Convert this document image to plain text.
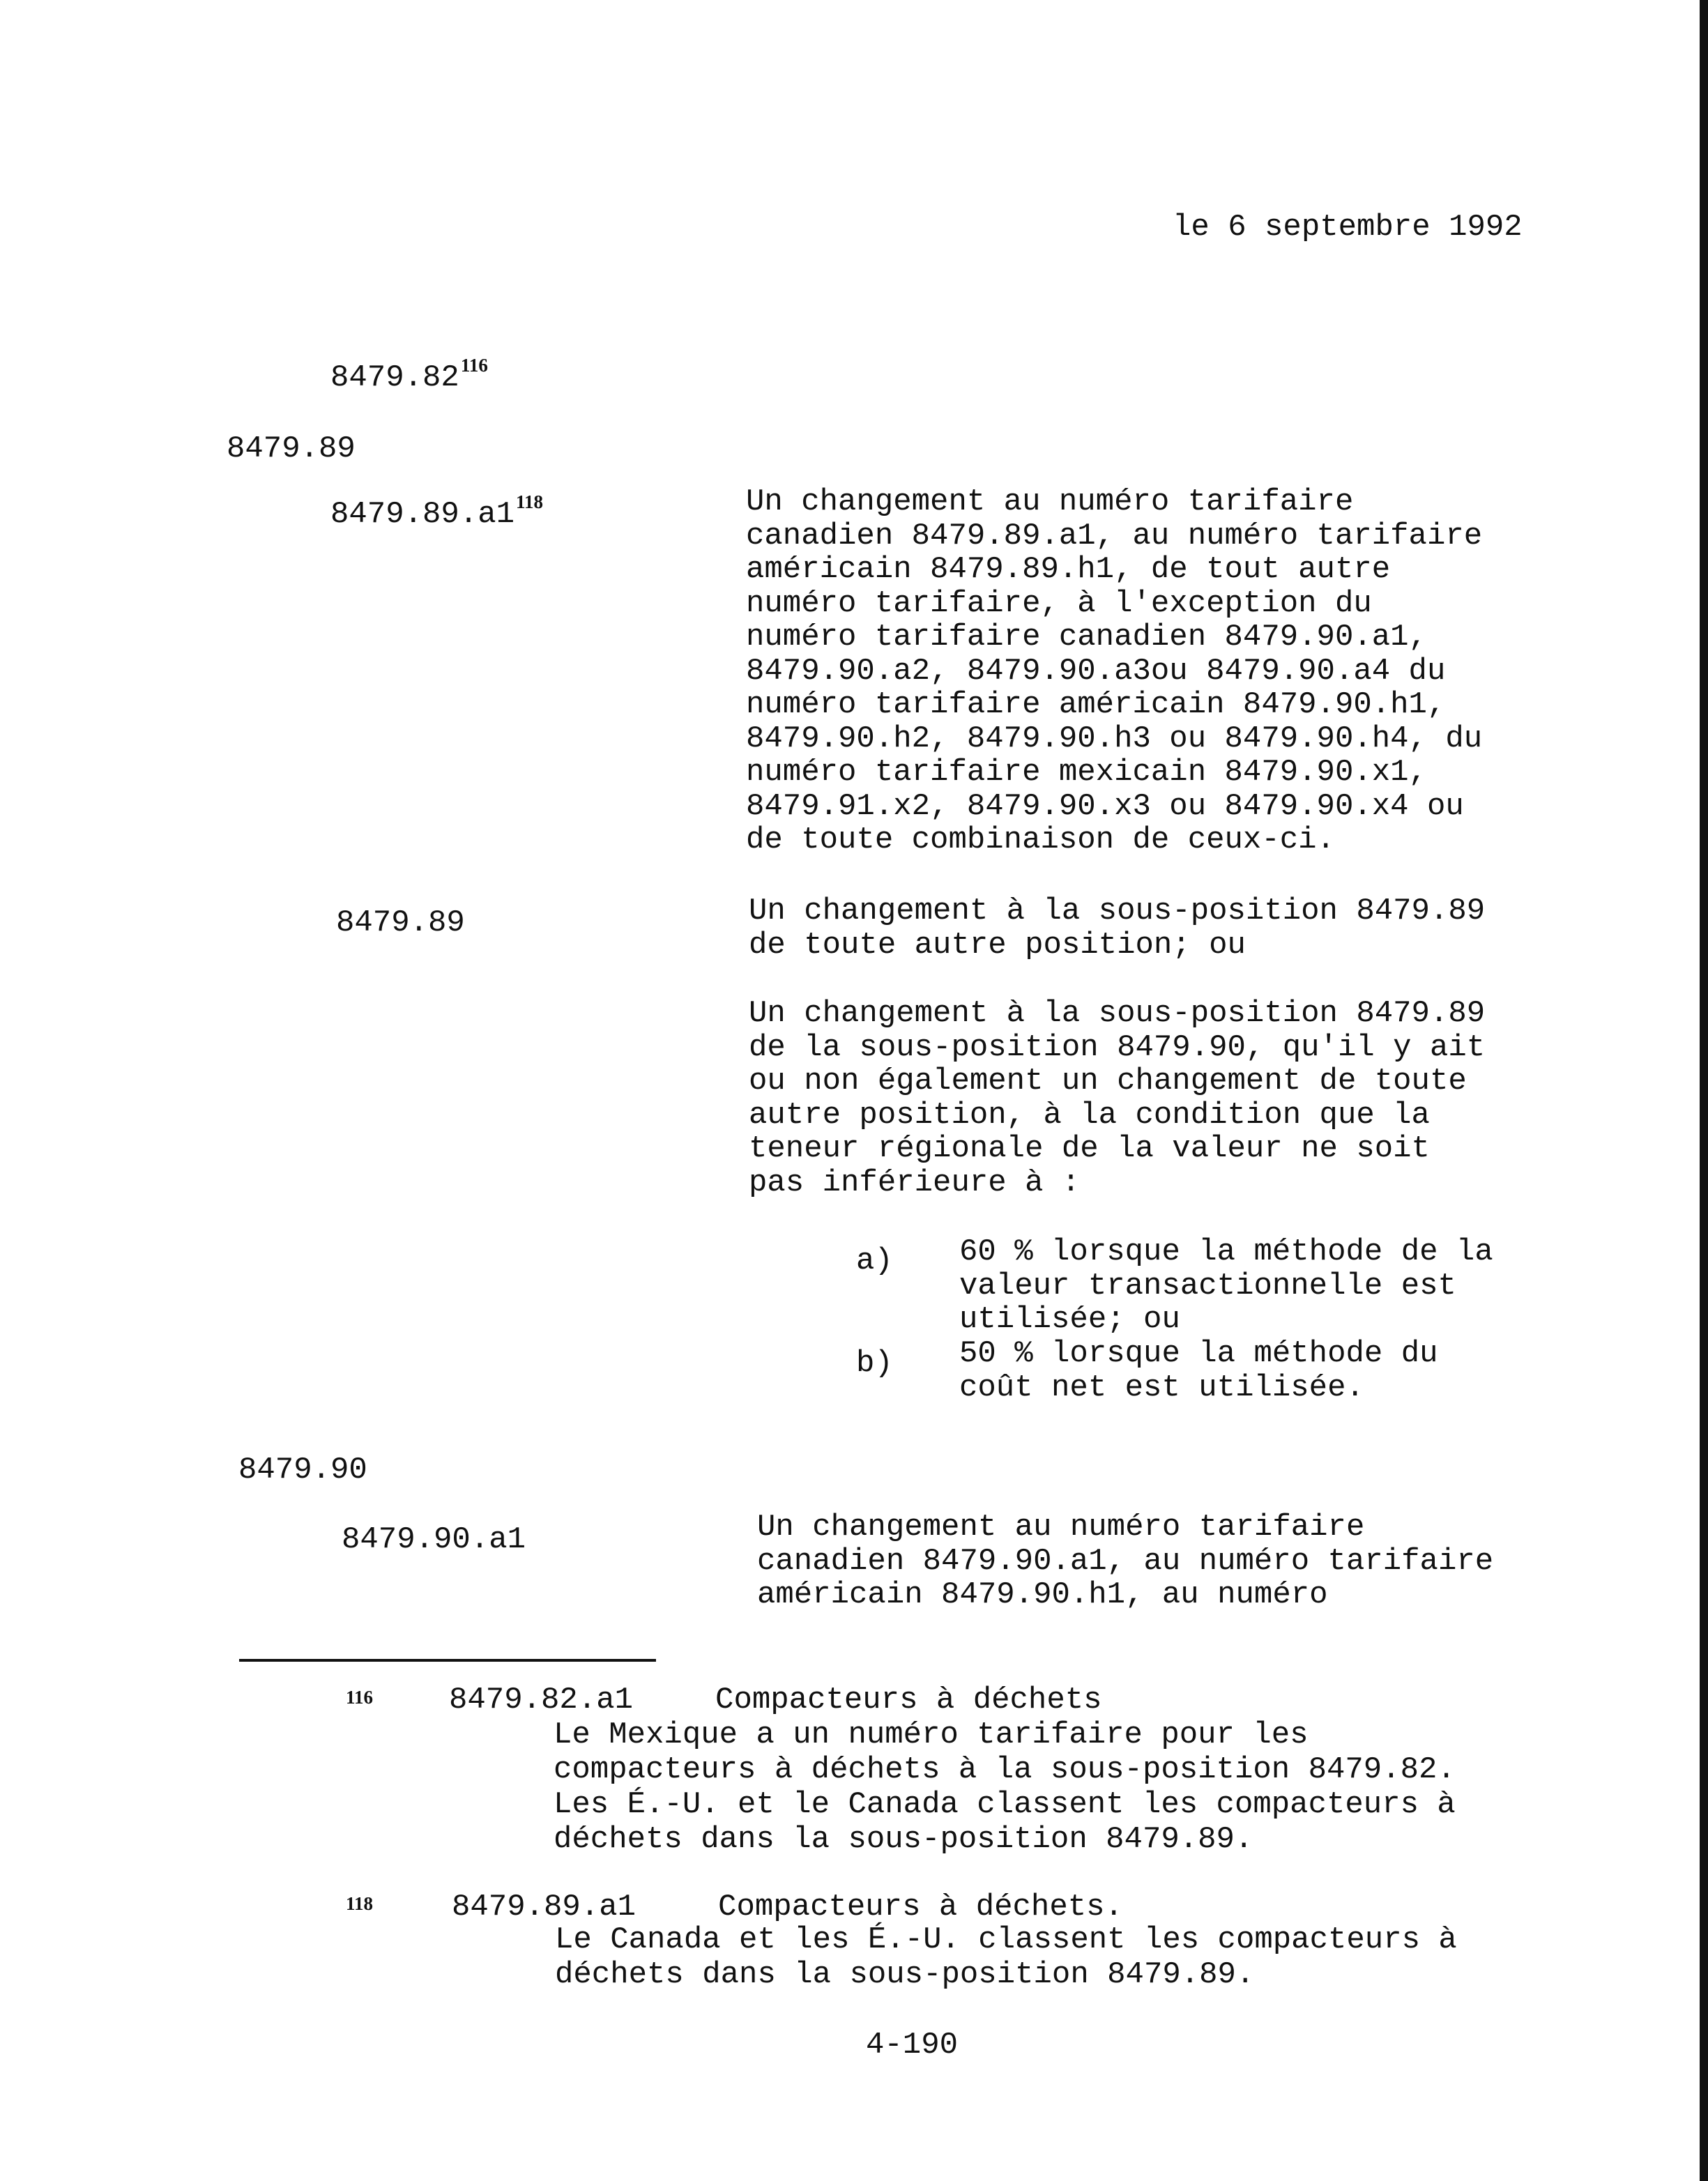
le 6 septembre 1992
8479.82$^{116}$
8479.89
$8479.89.a1^{118}$	Un changement au numéro tarifaire
canadien 8479.89.a1, au numéro tarifaire
américain 8479.89.h1, de tout autre
numéro tarifaire, à l'exception du
numéro tarifaire canadien 8479.90.a1,
8479.90.a2, 8479.90.a3ou 8479.90.a4 du
numéro tarifaire américain 8479.90.h1,
8479.90.h2, 8479.90.h3 ou 8479.90.h4, du
numéro tarifaire mexicain 8479.90.x1,
8479.91.x2, 8479.90.x3 ou 8479.90.x4 ou
de toute combinaison de ceux-ci.
8479.89	Un changement à la sous-position 8479.89
de toute autre position; ou
Un changement à la sous-position 8479.89
de la sous-position 8479.90, qu'il y ait
ou non également un changement de toute
autre position, à la condition que la
teneur régionale de la valeur ne soit
pas inférieure à :
a) 60 % lorsque la méthode de la
valeur transactionnelle est
utilisée; ou
b) 50 % lorsque la méthode du
coût net est utilisée.
8479.90
8479.90.a1	Un changement au numéro tarifaire
canadien 8479.90.a1, au numéro tarifaire
américain 8479.90.h1, au numéro
116 8479.82.a1	Compacteurs à déchets
Le Mexique a un numéro tarifaire pour les
compacteurs à déchets à la sous-position 8479.82.
Les É.-U. et le Canada classent les compacteurs à
déchets dans la sous-position 8479.89.
118	8479.89.a1	Compacteurs à déchets.
Le Canada et les É.-U. classent les compacteurs à
déchets dans la sous-position 8479.89.
4-190
